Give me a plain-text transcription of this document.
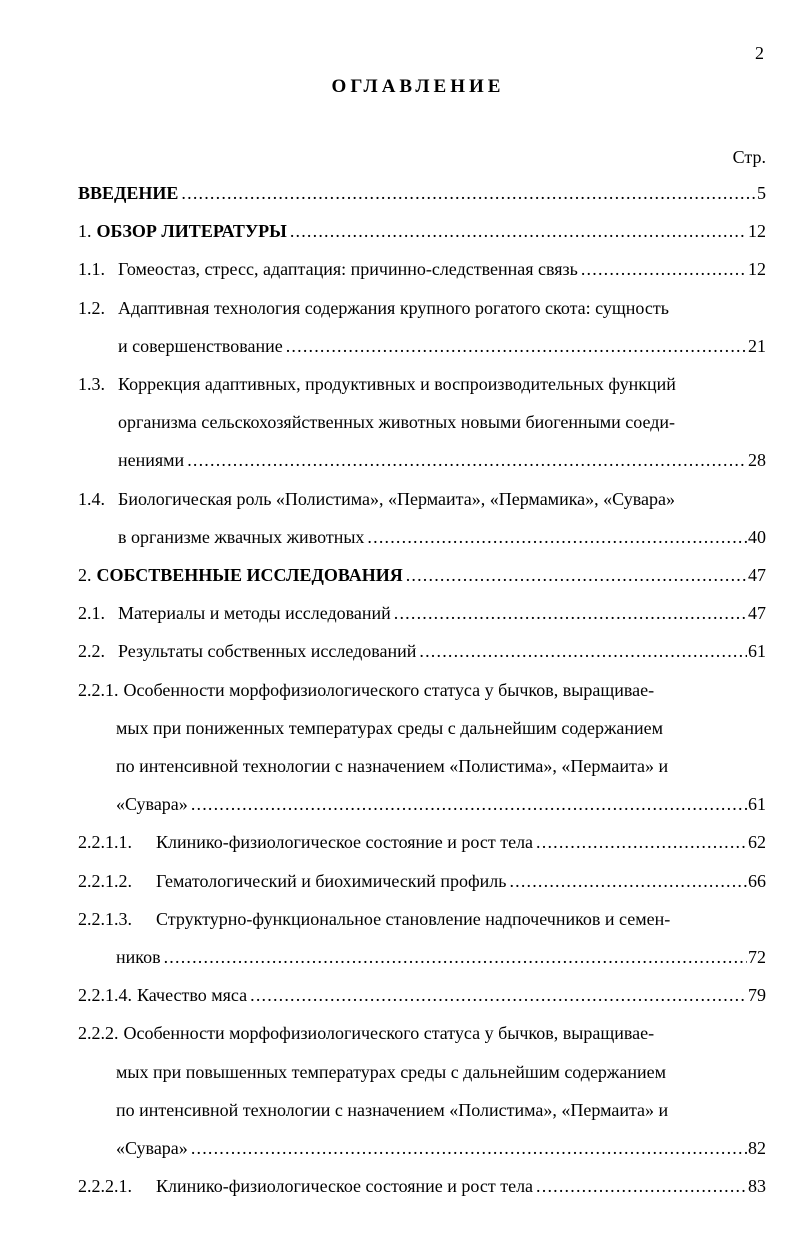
2
ОГЛАВЛЕНИЕ
Стр.
ВВЕДЕНИЕ .....	5
1. ОБЗОР ЛИТЕРАТУРЫ .....	12
1.1. Гомеостаз, стресс, адаптация: причинно-следственная связь .....	12
1.2. Адаптивная технология содержания крупного рогатого скота: сущность
и совершенствование .....	21
1.3. Коррекция адаптивных, продуктивных и воспроизводительных функций
организма сельскохозяйственных животных новыми биогенными соеди-
нениями .....	28
1.4. Биологическая роль «Полистима», «Пермаита», «Пермамика», «Сувара»
в организме жвачных животных .....	40
2. СОБСТВЕННЫЕ ИССЛЕДОВАНИЯ .....	47
2.1. Материалы и методы исследований .....	47
2.2. Результаты собственных исследований .....	61
2.2.1. Особенности морфофизиологического статуса у бычков, выращивае-
мых при пониженных температурах среды с дальнейшим содержанием
по интенсивной технологии с назначением «Полистима», «Пермаита» и
«Сувара» .....	61
2.2.1.1.	Клинико-физиологическое состояние и рост тела .....	62
2.2.1.2.	Гематологический и биохимический профиль .....	66
2.2.1.3.	Структурно-функциональное становление надпочечников и семен-
ников .....	72
2.2.1.4. Качество мяса .....	79
2.2.2. Особенности морфофизиологического статуса у бычков, выращивае-
мых при повышенных температурах среды с дальнейшим содержанием
по интенсивной технологии с назначением «Полистима», «Пермаита» и
«Сувара» .....	82
2.2.2.1.	Клинико-физиологическое состояние и рост тела .....	83
